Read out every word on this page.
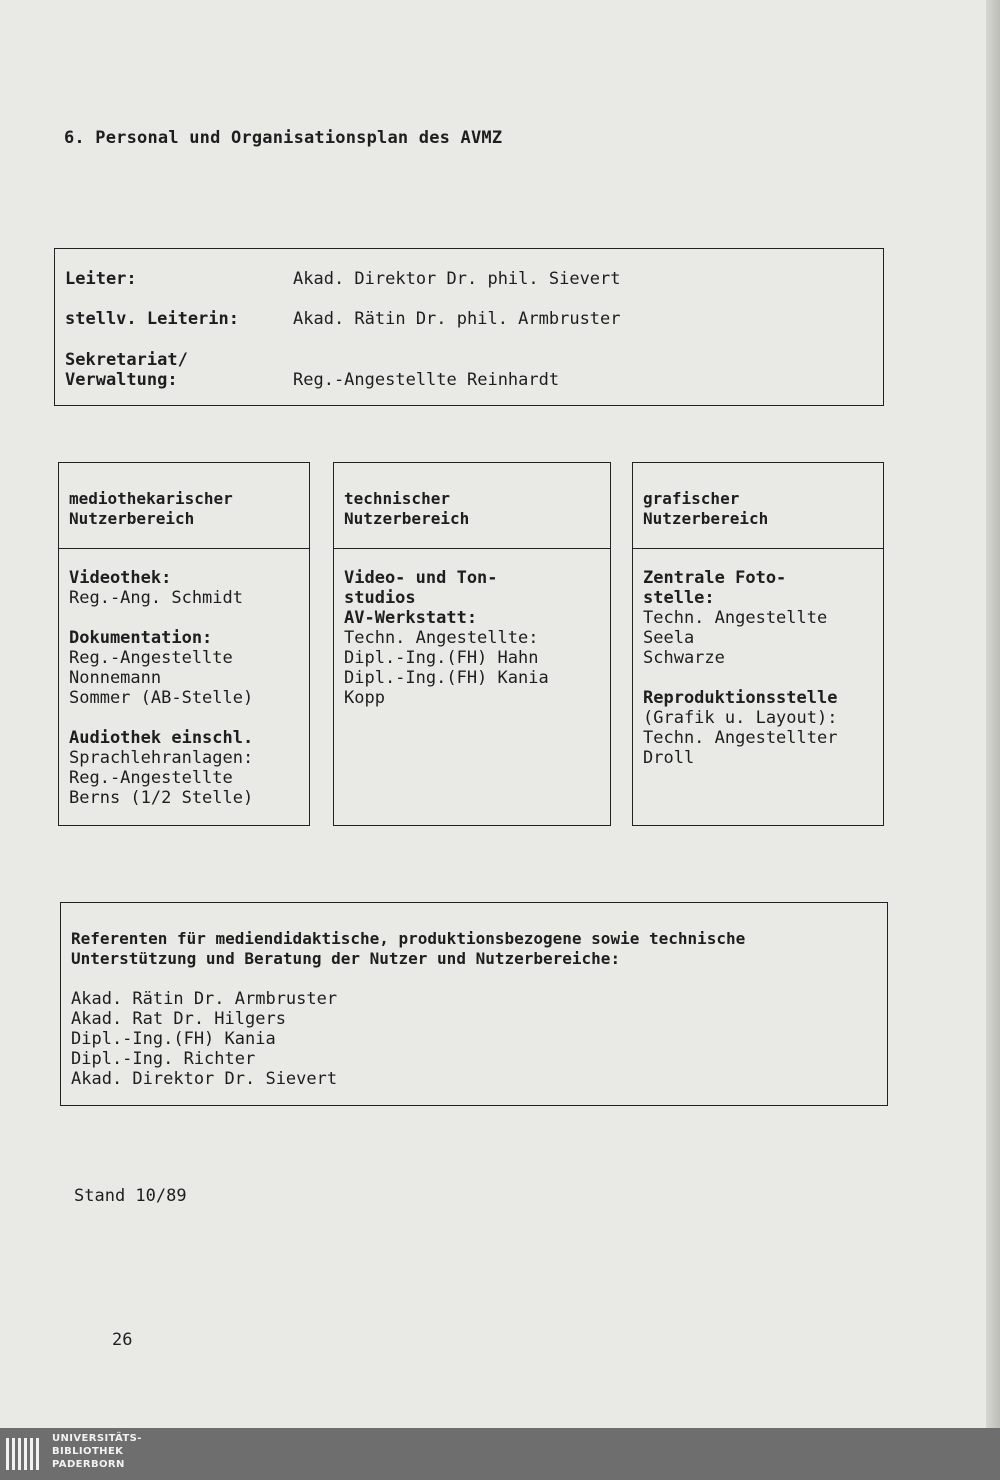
6. Personal und Organisationsplan des AVMZ
Leiter:	Akad. Direktor Dr. phil. Sievert
stellv. Leiterin:	Akad. Rätin Dr. phil. Armbruster
Sekretariat/
Verwaltung:	Reg.-Angestellte Reinhardt
mediothekarischer
Nutzerbereich
Videothek:
Reg.-Ang. Schmidt
Dokumentation:
Reg.-Angestellte
Nonnemann
Sommer (AB-Stelle)
Audiothek einschl.
Sprachlehranlagen:
Reg.-Angestellte
Berns (1/2 Stelle)
technischer
Nutzerbereich
Video- und Ton-
studios
AV-Werkstatt:
Techn. Angestellte:
Dipl.-Ing.(FH) Hahn
Dipl.-Ing.(FH) Kania
Kopp
grafischer
Nutzerbereich
Zentrale Foto-
stelle:
Techn. Angestellte
Seela
Schwarze
Reproduktionsstelle
(Grafik u. Layout):
Techn. Angestellter
Droll
Referenten für mediendidaktische, produktionsbezogene sowie technische Unterstützung und Beratung der Nutzer und Nutzerbereiche:
Akad. Rätin Dr. Armbruster
Akad. Rat Dr. Hilgers
Dipl.-Ing.(FH) Kania
Dipl.-Ing. Richter
Akad. Direktor Dr. Sievert
Stand 10/89
26
UNIVERSITÄTS-
BIBLIOTHEK
PADERBORN
